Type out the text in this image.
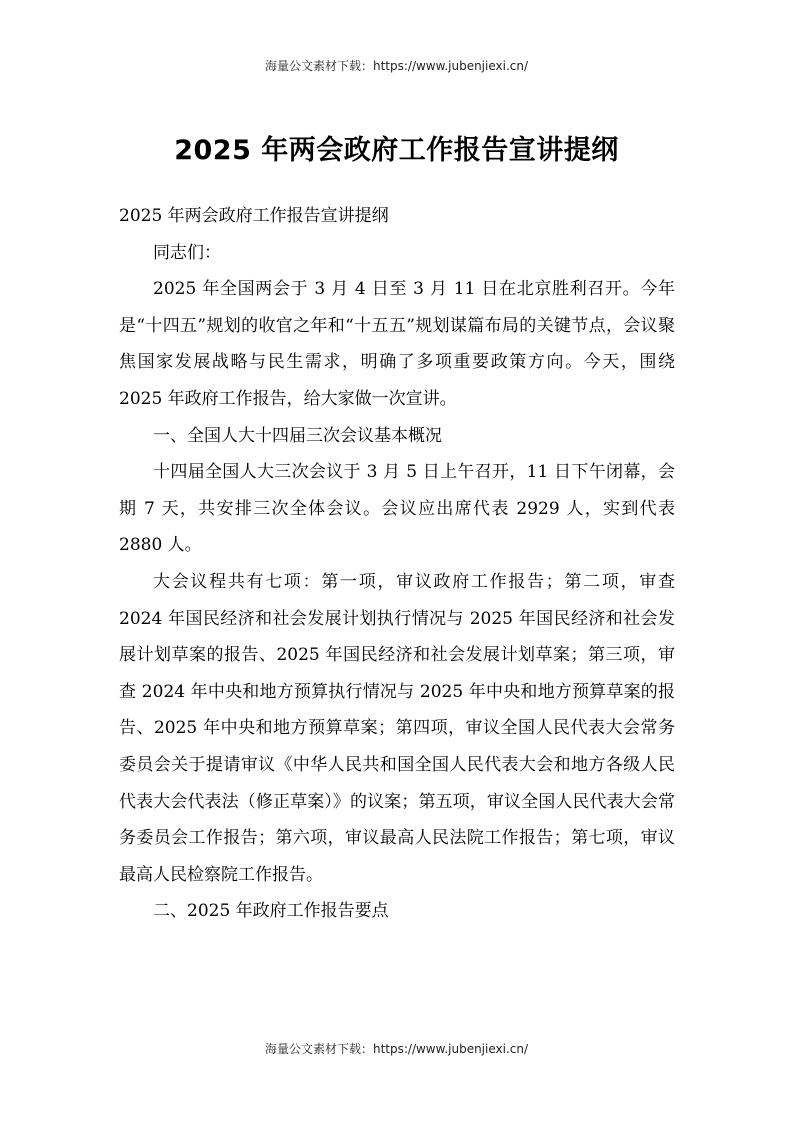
海量公文素材下载：https://www.jubenjiexi.cn/
2025 年两会政府工作报告宣讲提纲

2025 年两会政府工作报告宣讲提纲

同志们：

2025 年全国两会于 3 月 4 日至 3 月 11 日在北京胜利召开。今年是“十四五”规划的收官之年和“十五五”规划谋篇布局的关键节点，会议聚焦国家发展战略与民生需求，明确了多项重要政策方向。今天，围绕 2025 年政府工作报告，给大家做一次宣讲。

一、全国人大十四届三次会议基本概况

十四届全国人大三次会议于 3 月 5 日上午召开，11 日下午闭幕，会期 7 天，共安排三次全体会议。会议应出席代表 2929 人，实到代表 2880 人。

大会议程共有七项：第一项，审议政府工作报告；第二项，审查 2024 年国民经济和社会发展计划执行情况与 2025 年国民经济和社会发展计划草案的报告、2025 年国民经济和社会发展计划草案；第三项，审查 2024 年中央和地方预算执行情况与 2025 年中央和地方预算草案的报告、2025 年中央和地方预算草案；第四项，审议全国人民代表大会常务委员会关于提请审议《中华人民共和国全国人民代表大会和地方各级人民代表大会代表法（修正草案）》的议案；第五项，审议全国人民代表大会常务委员会工作报告；第六项，审议最高人民法院工作报告；第七项，审议最高人民检察院工作报告。

二、2025 年政府工作报告要点

海量公文素材下载：https://www.jubenjiexi.cn/
